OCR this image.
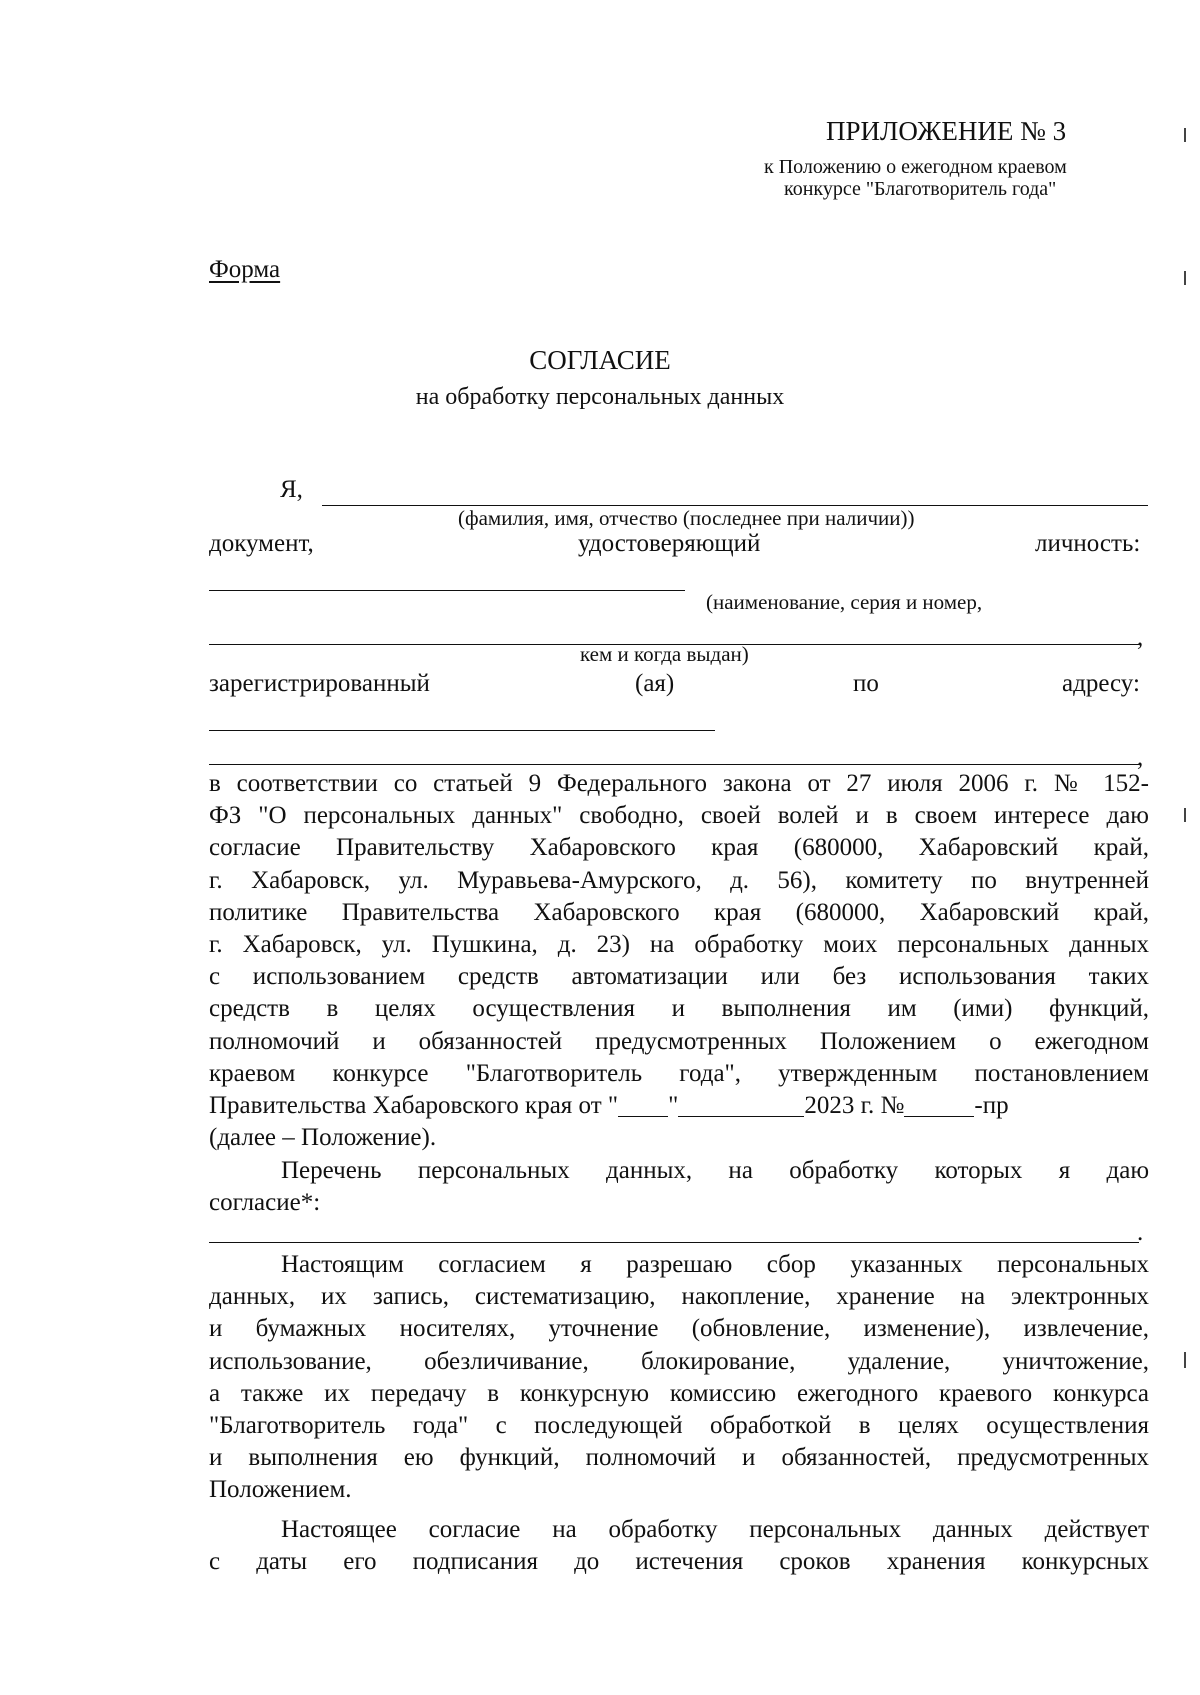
ПРИЛОЖЕНИЕ № 3
к Положению о ежегодном краевом
конкурсе "Благотворитель года"
Форма
СОГЛАСИЕ
на обработку персональных данных
Я,
(фамилия, имя, отчество (последнее при наличии))
документ,	удостоверяющий	личность:
(наименование, серия и номер,
,
кем и когда выдан)
зарегистрированный	(ая)	по	адресу:
,
в соответствии со статьей 9 Федерального закона от 27 июля 2006 г. № 152-
ФЗ "О персональных данных" свободно, своей волей и в своем интересе даю
согласие Правительству Хабаровского края (680000, Хабаровский край,
г. Хабаровск, ул. Муравьева-Амурского, д. 56), комитету по внутренней
политике Правительства Хабаровского края (680000, Хабаровский край,
г. Хабаровск, ул. Пушкина, д. 23) на обработку моих персональных данных
с использованием средств автоматизации или без использования таких
средств в целях осуществления и выполнения им (ими) функций,
полномочий и обязанностей предусмотренных Положением о ежегодном
краевом конкурсе "Благотворитель года", утвержденным постановлением
Правительства Хабаровского края от " "	2023 г. №	-пр
(далее – Положение).
Перечень персональных данных, на обработку которых я даю
согласие*:
.
Настоящим согласием я разрешаю сбор указанных персональных
данных, их запись, систематизацию, накопление, хранение на электронных
и бумажных носителях, уточнение (обновление, изменение), извлечение,
использование, обезличивание, блокирование, удаление, уничтожение,
а также их передачу в конкурсную комиссию ежегодного краевого конкурса
"Благотворитель года" с последующей обработкой в целях осуществления
и выполнения ею функций, полномочий и обязанностей, предусмотренных
Положением.
Настоящее согласие на обработку персональных данных действует
с даты его подписания до истечения сроков хранения конкурсных
